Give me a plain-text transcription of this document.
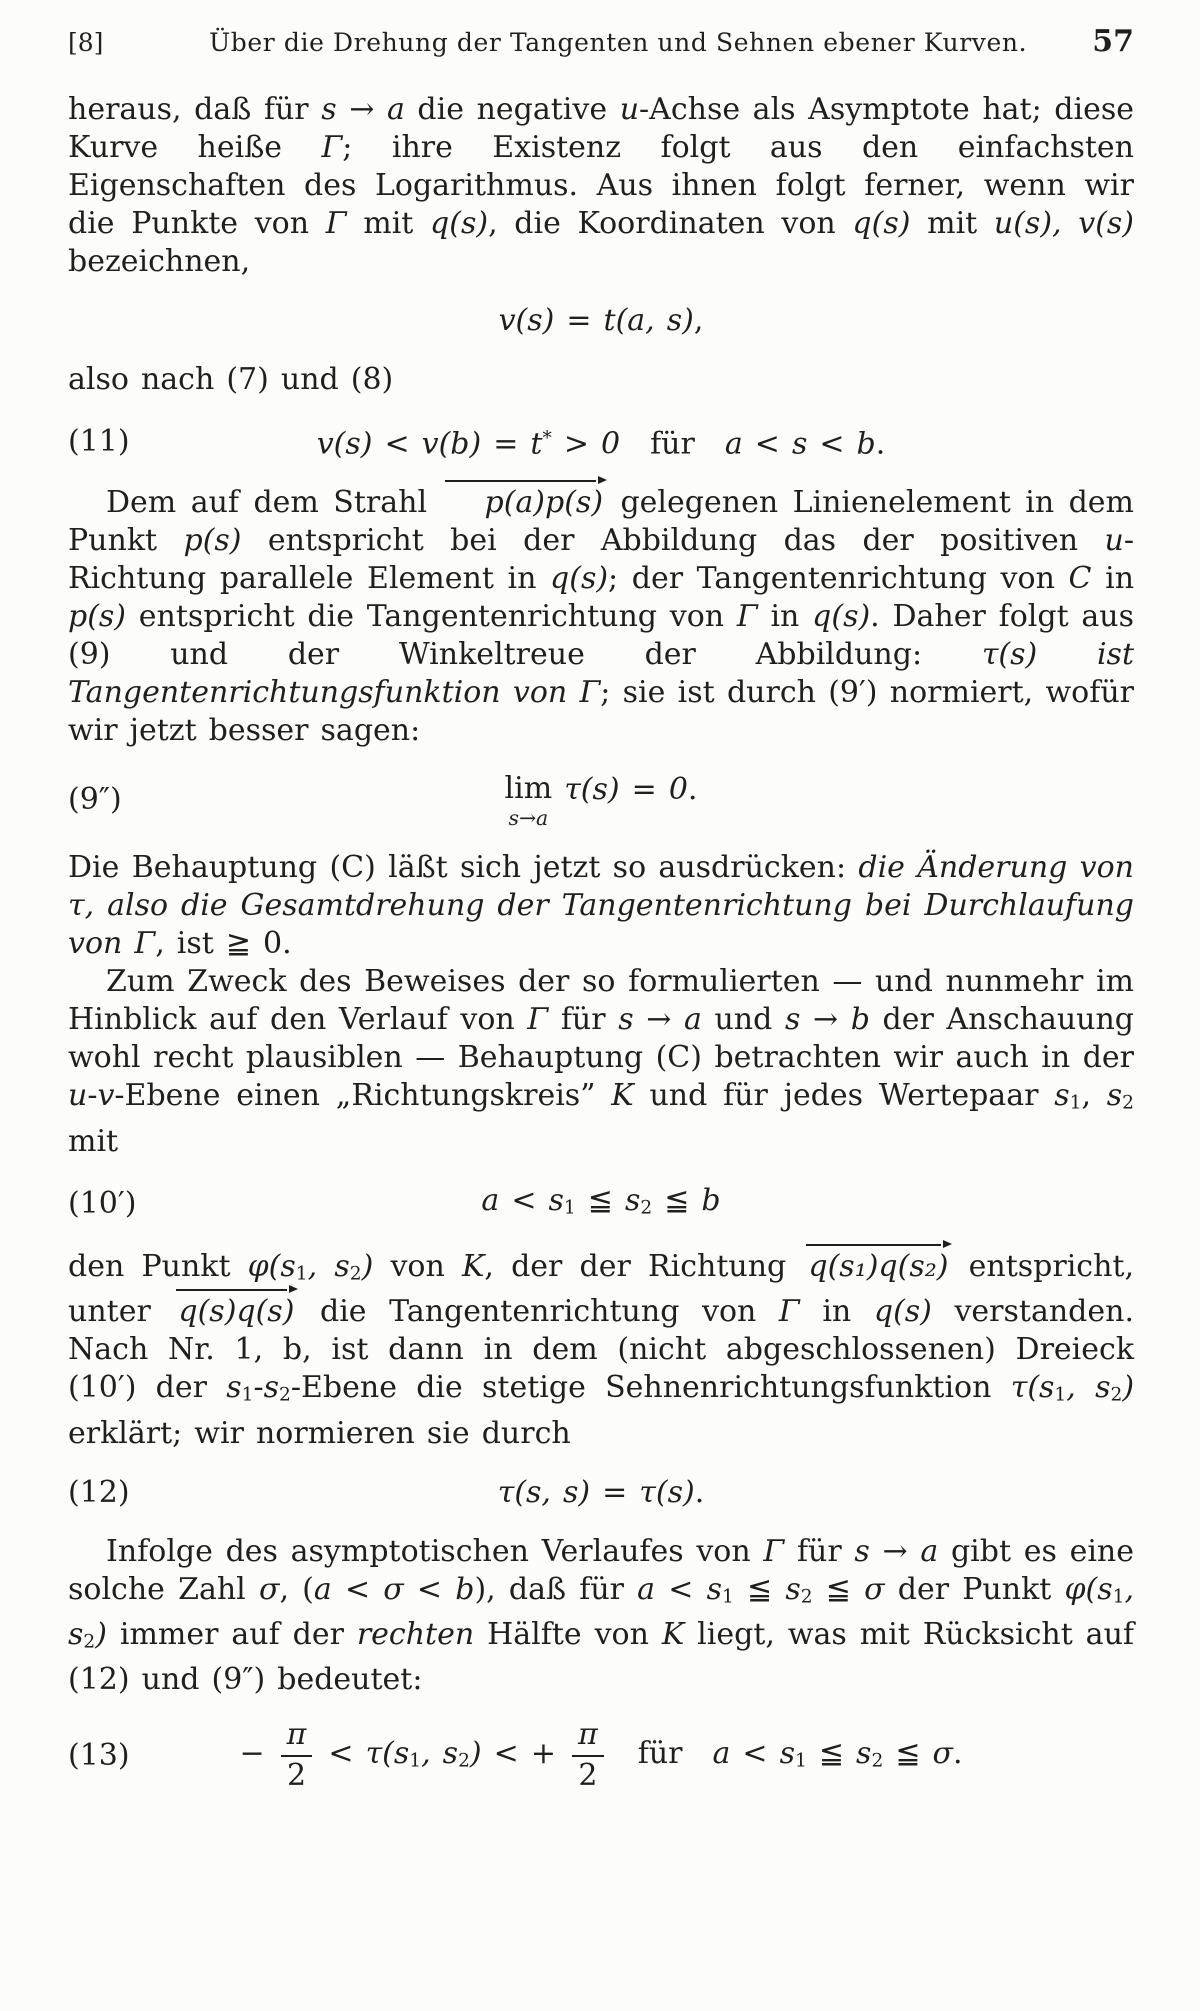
[8]	Über die Drehung der Tangenten und Sehnen ebener Kurven.	57
heraus, daß für s → a die negative u-Achse als Asymptote hat; diese Kurve heiße Γ; ihre Existenz folgt aus den einfachsten Eigenschaften des Logarithmus. Aus ihnen folgt ferner, wenn wir die Punkte von Γ mit q(s), die Koordinaten von q(s) mit u(s), v(s) bezeichnen,
v(s) = t(a, s),
also nach (7) und (8)
(11)	v(s) < v(b) = t* > 0 für a < s < b.
Dem auf dem Strahl p(a)p(s) gelegenen Linienelement in dem Punkt p(s) entspricht bei der Abbildung das der positiven u-Richtung parallele Element in q(s); der Tangentenrichtung von C in p(s) entspricht die Tangentenrichtung von Γ in q(s). Daher folgt aus (9) und der Winkeltreue der Abbildung: τ(s) ist Tangentenrichtungsfunktion von Γ; sie ist durch (9′) normiert, wofür wir jetzt besser sagen:
(9″)	lim
s→a
τ(s) = 0.
Die Behauptung (C) läßt sich jetzt so ausdrücken: die Änderung von τ, also die Gesamtdrehung der Tangentenrichtung bei Durchlaufung von Γ, ist ≧ 0.
Zum Zweck des Beweises der so formulierten — und nunmehr im Hinblick auf den Verlauf von Γ für s → a und s → b der Anschauung wohl recht plausiblen — Behauptung (C) betrachten wir auch in der u-v-Ebene einen „Richtungskreis” K und für jedes Wertepaar s1, s2 mit
(10′)	a < s1 ≦ s2 ≦ b
den Punkt φ(s1, s2) von K, der der Richtung q(s₁)q(s₂) entspricht, unter q(s)q(s) die Tangentenrichtung von Γ in q(s) verstanden. Nach Nr. 1, b, ist dann in dem (nicht abgeschlossenen) Dreieck (10′) der s1-s2-Ebene die stetige Sehnenrichtungsfunktion τ(s1, s2) erklärt; wir normieren sie durch
(12)	τ(s, s) = τ(s).
Infolge des asymptotischen Verlaufes von Γ für s → a gibt es eine solche Zahl σ, (a < σ < b), daß für a < s1 ≦ s2 ≦ σ der Punkt φ(s1, s2) immer auf der rechten Hälfte von K liegt, was mit Rücksicht auf (12) und (9″) bedeutet:
(13)	− $\frac{\pi}{2} < \tau(s1$, s2) < + $\frac{\pi}{2}$  für a < s1 ≦ s2 ≦ σ.
